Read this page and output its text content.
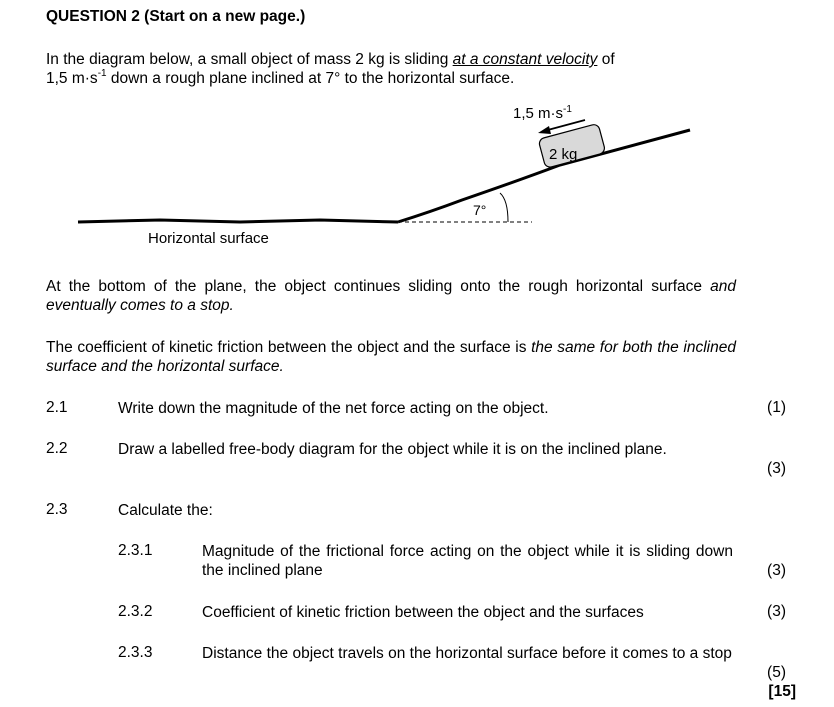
QUESTION 2 (Start on a new page.)
In the diagram below, a small object of mass 2 kg is sliding at a constant velocity of
1,5 $m\cdot s^{-1}$ down a rough plane inclined at 7° to the horizontal surface.
1,5 $m\cdot s^{-1}$
2 kg
7°
Horizontal surface
At the bottom of the plane, the object continues sliding onto the rough horizontal surface and eventually comes to a stop.
The coefficient of kinetic friction between the object and the surface is the same for both the inclined surface and the horizontal surface.
2.1	Write down the magnitude of the net force acting on the object.	(1)
2.2	Draw a labelled free-body diagram for the object while it is on the inclined plane.
(3)
2.3	Calculate the:
2.3.1	Magnitude of the frictional force acting on the object while it is sliding down the inclined plane	(3)
2.3.2	Coefficient of kinetic friction between the object and the surfaces	(3)
2.3.3	Distance the object travels on the horizontal surface before it comes to a stop
(5)
[15]
